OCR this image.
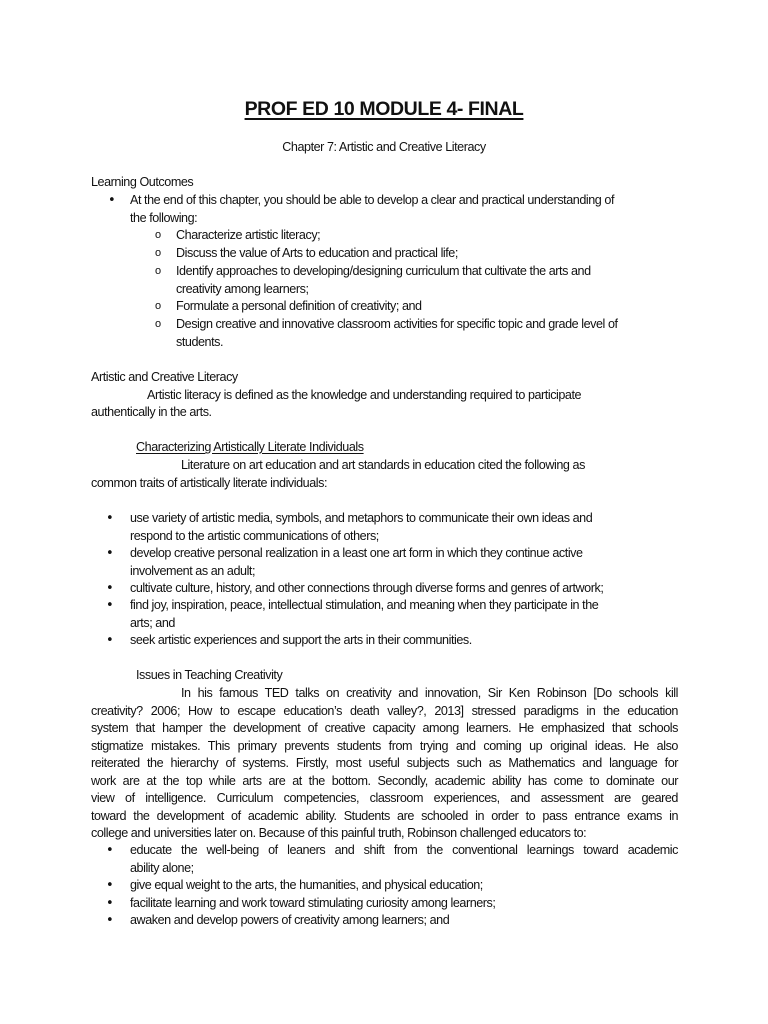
PROF ED 10 MODULE 4- FINAL
Chapter 7: Artistic and Creative Literacy
Learning Outcomes
• At the end of this chapter, you should be able to develop a clear and practical understanding of
the following:
o Characterize artistic literacy;
o Discuss the value of Arts to education and practical life;
o Identify approaches to developing/designing curriculum that cultivate the arts and
creativity among learners;
o Formulate a personal definition of creativity; and
o Design creative and innovative classroom activities for specific topic and grade level of
students.
Artistic and Creative Literacy
Artistic literacy is defined as the knowledge and understanding required to participate
authentically in the arts.
Characterizing Artistically Literate Individuals
Literature on art education and art standards in education cited the following as
common traits of artistically literate individuals:
• use variety of artistic media, symbols, and metaphors to communicate their own ideas and
respond to the artistic communications of others;
• develop creative personal realization in a least one art form in which they continue active
involvement as an adult;
• cultivate culture, history, and other connections through diverse forms and genres of artwork;
• find joy, inspiration, peace, intellectual stimulation, and meaning when they participate in the
arts; and
• seek artistic experiences and support the arts in their communities.
Issues in Teaching Creativity
In his famous TED talks on creativity and innovation, Sir Ken Robinson [Do schools kill
creativity? 2006; How to escape education’s death valley?, 2013] stressed paradigms in the education
system that hamper the development of creative capacity among learners. He emphasized that schools
stigmatize mistakes. This primary prevents students from trying and coming up original ideas. He also
reiterated the hierarchy of systems. Firstly, most useful subjects such as Mathematics and language for
work are at the top while arts are at the bottom. Secondly, academic ability has come to dominate our
view of intelligence. Curriculum competencies, classroom experiences, and assessment are geared
toward the development of academic ability. Students are schooled in order to pass entrance exams in
college and universities later on. Because of this painful truth, Robinson challenged educators to:
• educate the well-being of leaners and shift from the conventional learnings toward academic
ability alone;
• give equal weight to the arts, the humanities, and physical education;
• facilitate learning and work toward stimulating curiosity among learners;
• awaken and develop powers of creativity among learners; and
